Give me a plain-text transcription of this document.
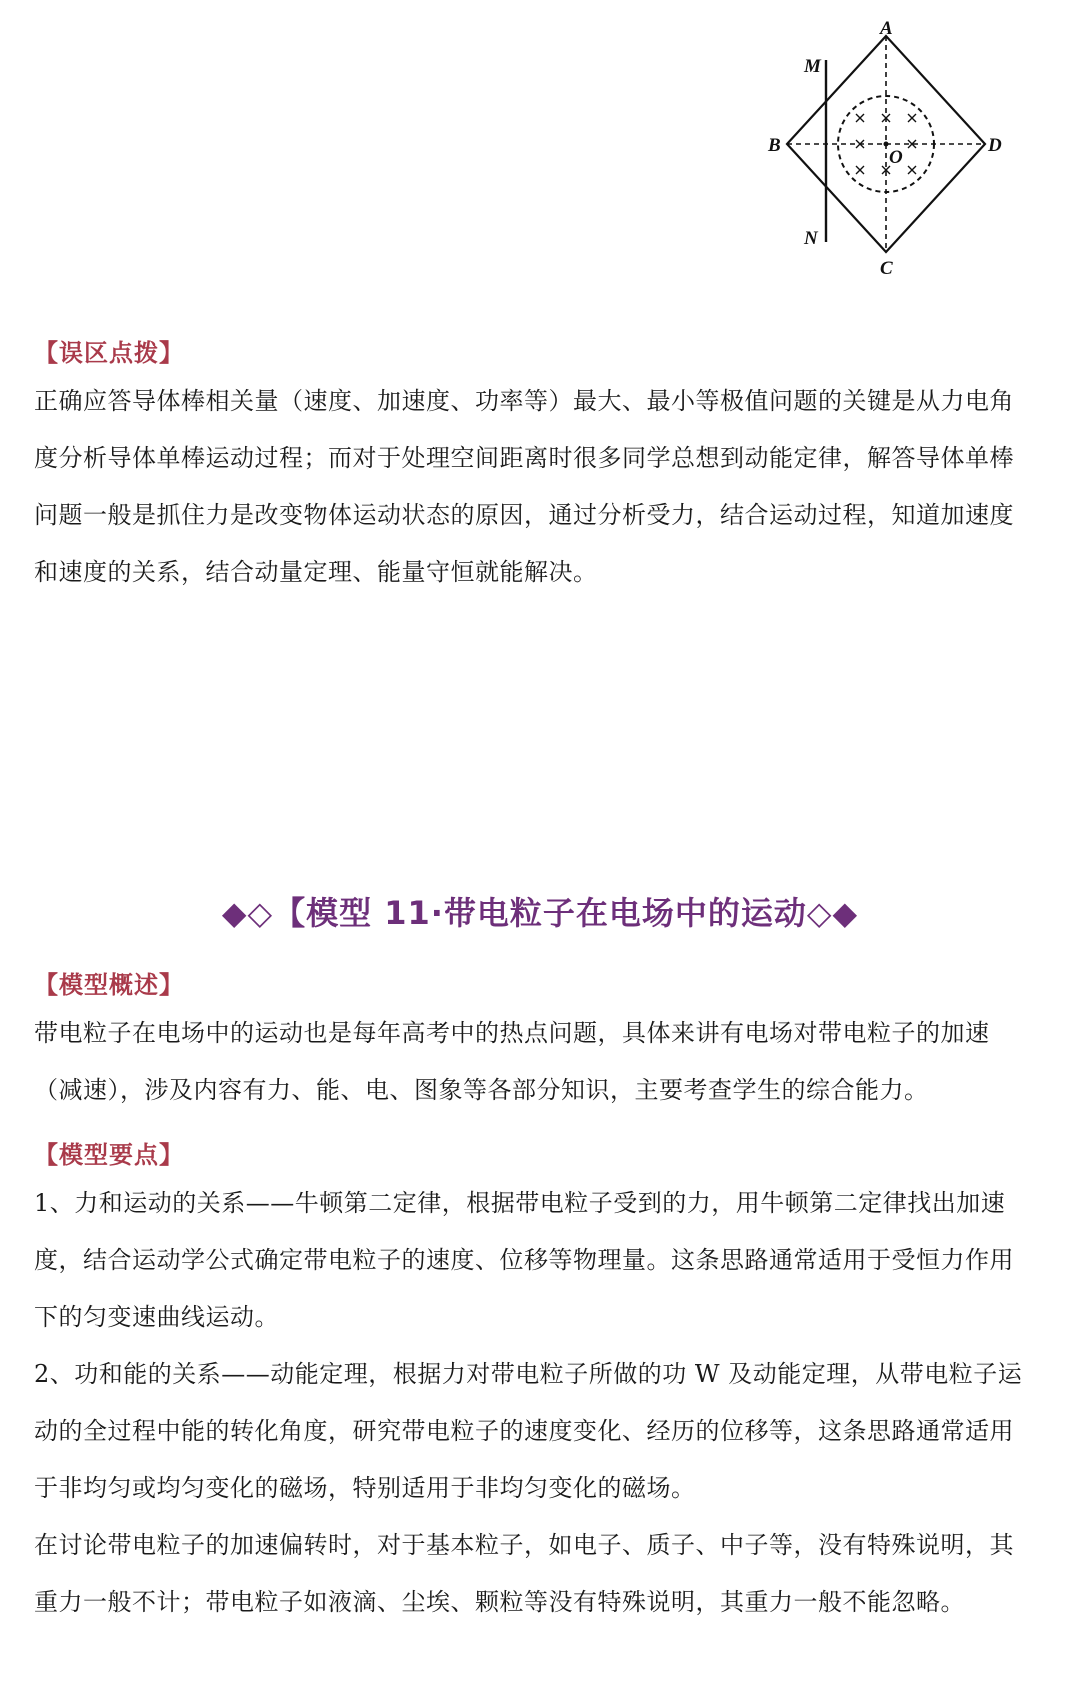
A
B
C
D
O
M
N
【误区点拨】
正确应答导体棒相关量（速度、加速度、功率等）最大、最小等极值问题的关键是从力电角
度分析导体单棒运动过程；而对于处理空间距离时很多同学总想到动能定律，解答导体单棒
问题一般是抓住力是改变物体运动状态的原因，通过分析受力，结合运动过程，知道加速度
和速度的关系，结合动量定理、能量守恒就能解决。
◆◇【模型 11·带电粒子在电场中的运动◇◆
【模型概述】
带电粒子在电场中的运动也是每年高考中的热点问题，具体来讲有电场对带电粒子的加速
（减速），涉及内容有力、能、电、图象等各部分知识，主要考查学生的综合能力。
【模型要点】
1、力和运动的关系——牛顿第二定律，根据带电粒子受到的力，用牛顿第二定律找出加速
度，结合运动学公式确定带电粒子的速度、位移等物理量。这条思路通常适用于受恒力作用
下的匀变速曲线运动。
2、功和能的关系——动能定理，根据力对带电粒子所做的功 W 及动能定理，从带电粒子运
动的全过程中能的转化角度，研究带电粒子的速度变化、经历的位移等，这条思路通常适用
于非均匀或均匀变化的磁场，特别适用于非均匀变化的磁场。
在讨论带电粒子的加速偏转时，对于基本粒子，如电子、质子、中子等，没有特殊说明，其
重力一般不计；带电粒子如液滴、尘埃、颗粒等没有特殊说明，其重力一般不能忽略。
